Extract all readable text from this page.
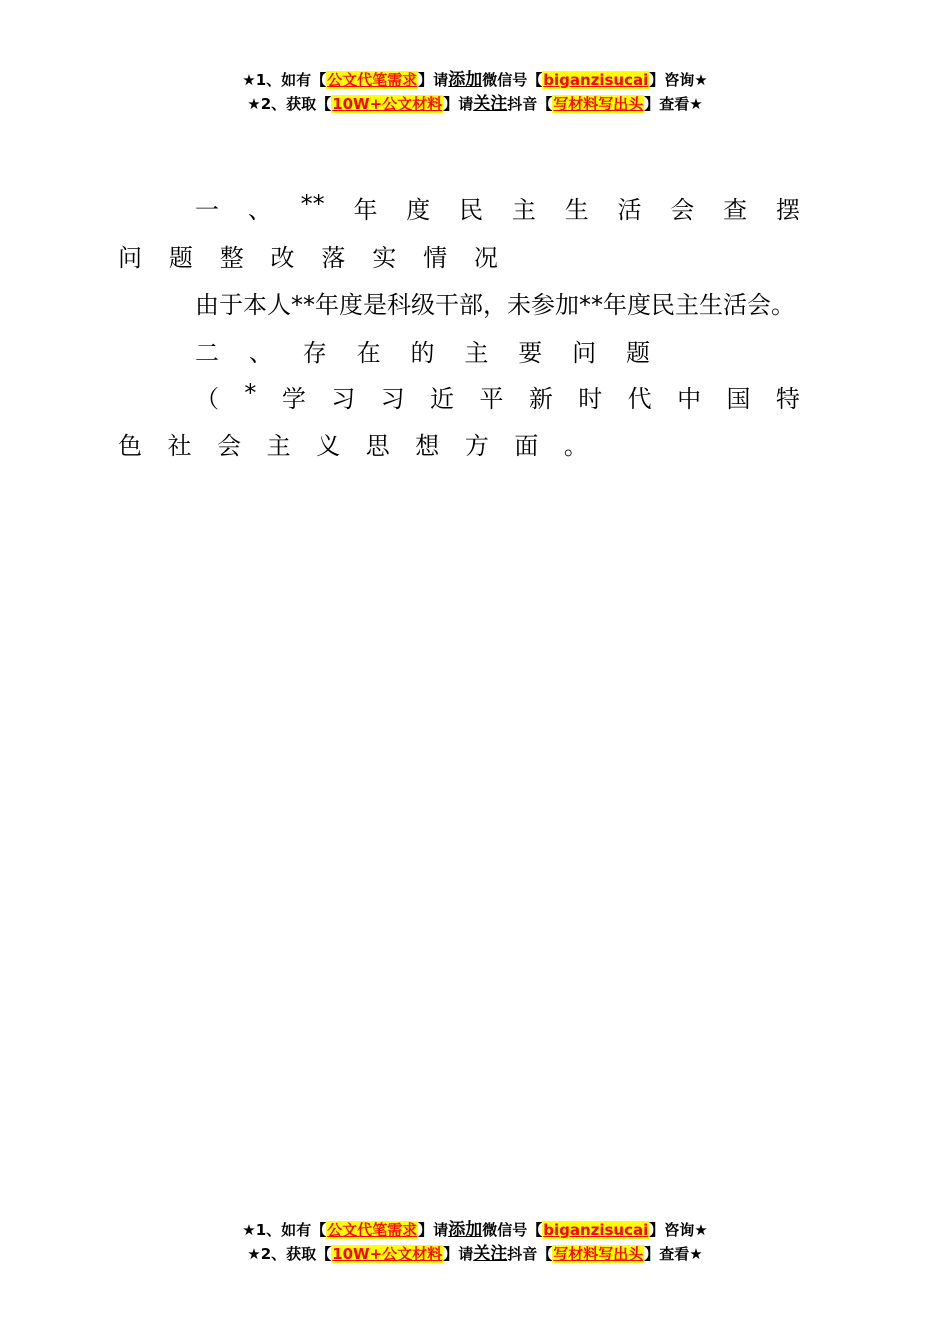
★1、如有【公文代笔需求】请添加微信号【biganzisucai】咨询★
★2、获取【10W+公文材料】请关注抖音【写材料写出头】查看★
一 、 ** 年 度 民 主 生 活 会 查 摆
问 题 整 改 落 实 情 况
由于本人**年度是科级干部，未参加**年度民主生活会。
二 、 存 在 的 主 要 问 题
（ * 学 习 习 近 平 新 时 代 中 国 特
色 社 会 主 义 思 想 方 面 。
★1、如有【公文代笔需求】请添加微信号【biganzisucai】咨询★
★2、获取【10W+公文材料】请关注抖音【写材料写出头】查看★
